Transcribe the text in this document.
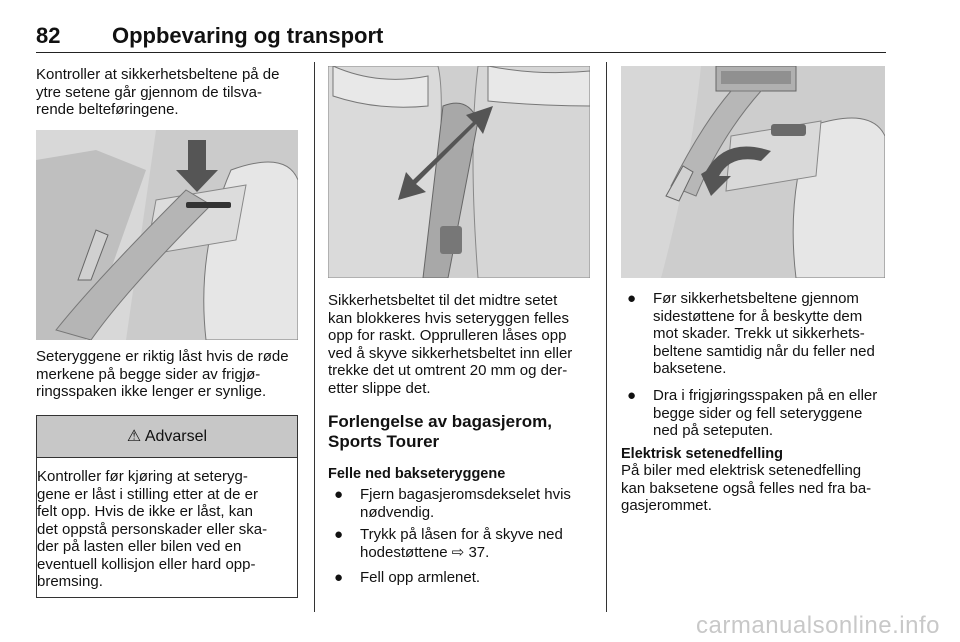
82 Oppbevaring og transport
Kontroller at sikkerhetsbeltene på de
ytre setene går gjennom de tilsva-
rende belteføringene.
Seteryggene er riktig låst hvis de røde
merkene på begge sider av frigjø-
ringsspaken ikke lenger er synlige.
⚠ Advarsel
Kontroller før kjøring at seteryg-
gene er låst i stilling etter at de er
felt opp. Hvis de ikke er låst, kan
det oppstå personskader eller ska-
der på lasten eller bilen ved en
eventuell kollisjon eller hard opp-
bremsing.
Sikkerhetsbeltet til det midtre setet
kan blokkeres hvis seteryggen felles
opp for raskt. Opprulleren låses opp
ved å skyve sikkerhetsbeltet inn eller
trekke det ut omtrent 20 mm og der-
etter slippe det.
Forlengelse av bagasjerom,
Sports Tourer
Felle ned bakseteryggene
● Fjern bagasjeromsdekselet hvis
nødvendig.
● Trykk på låsen for å skyve ned
hodestøttene ⇨ 37.
● Fell opp armlenet.
● Før sikkerhetsbeltene gjennom
sidestøttene for å beskytte dem
mot skader. Trekk ut sikkerhets-
beltene samtidig når du feller ned
baksetene.
● Dra i frigjøringsspaken på en eller
begge sider og fell seteryggene
ned på seteputen.
Elektrisk setenedfelling
På biler med elektrisk setenedfelling
kan baksetene også felles ned fra ba-
gasjerommet.
carmanualsonline.info
